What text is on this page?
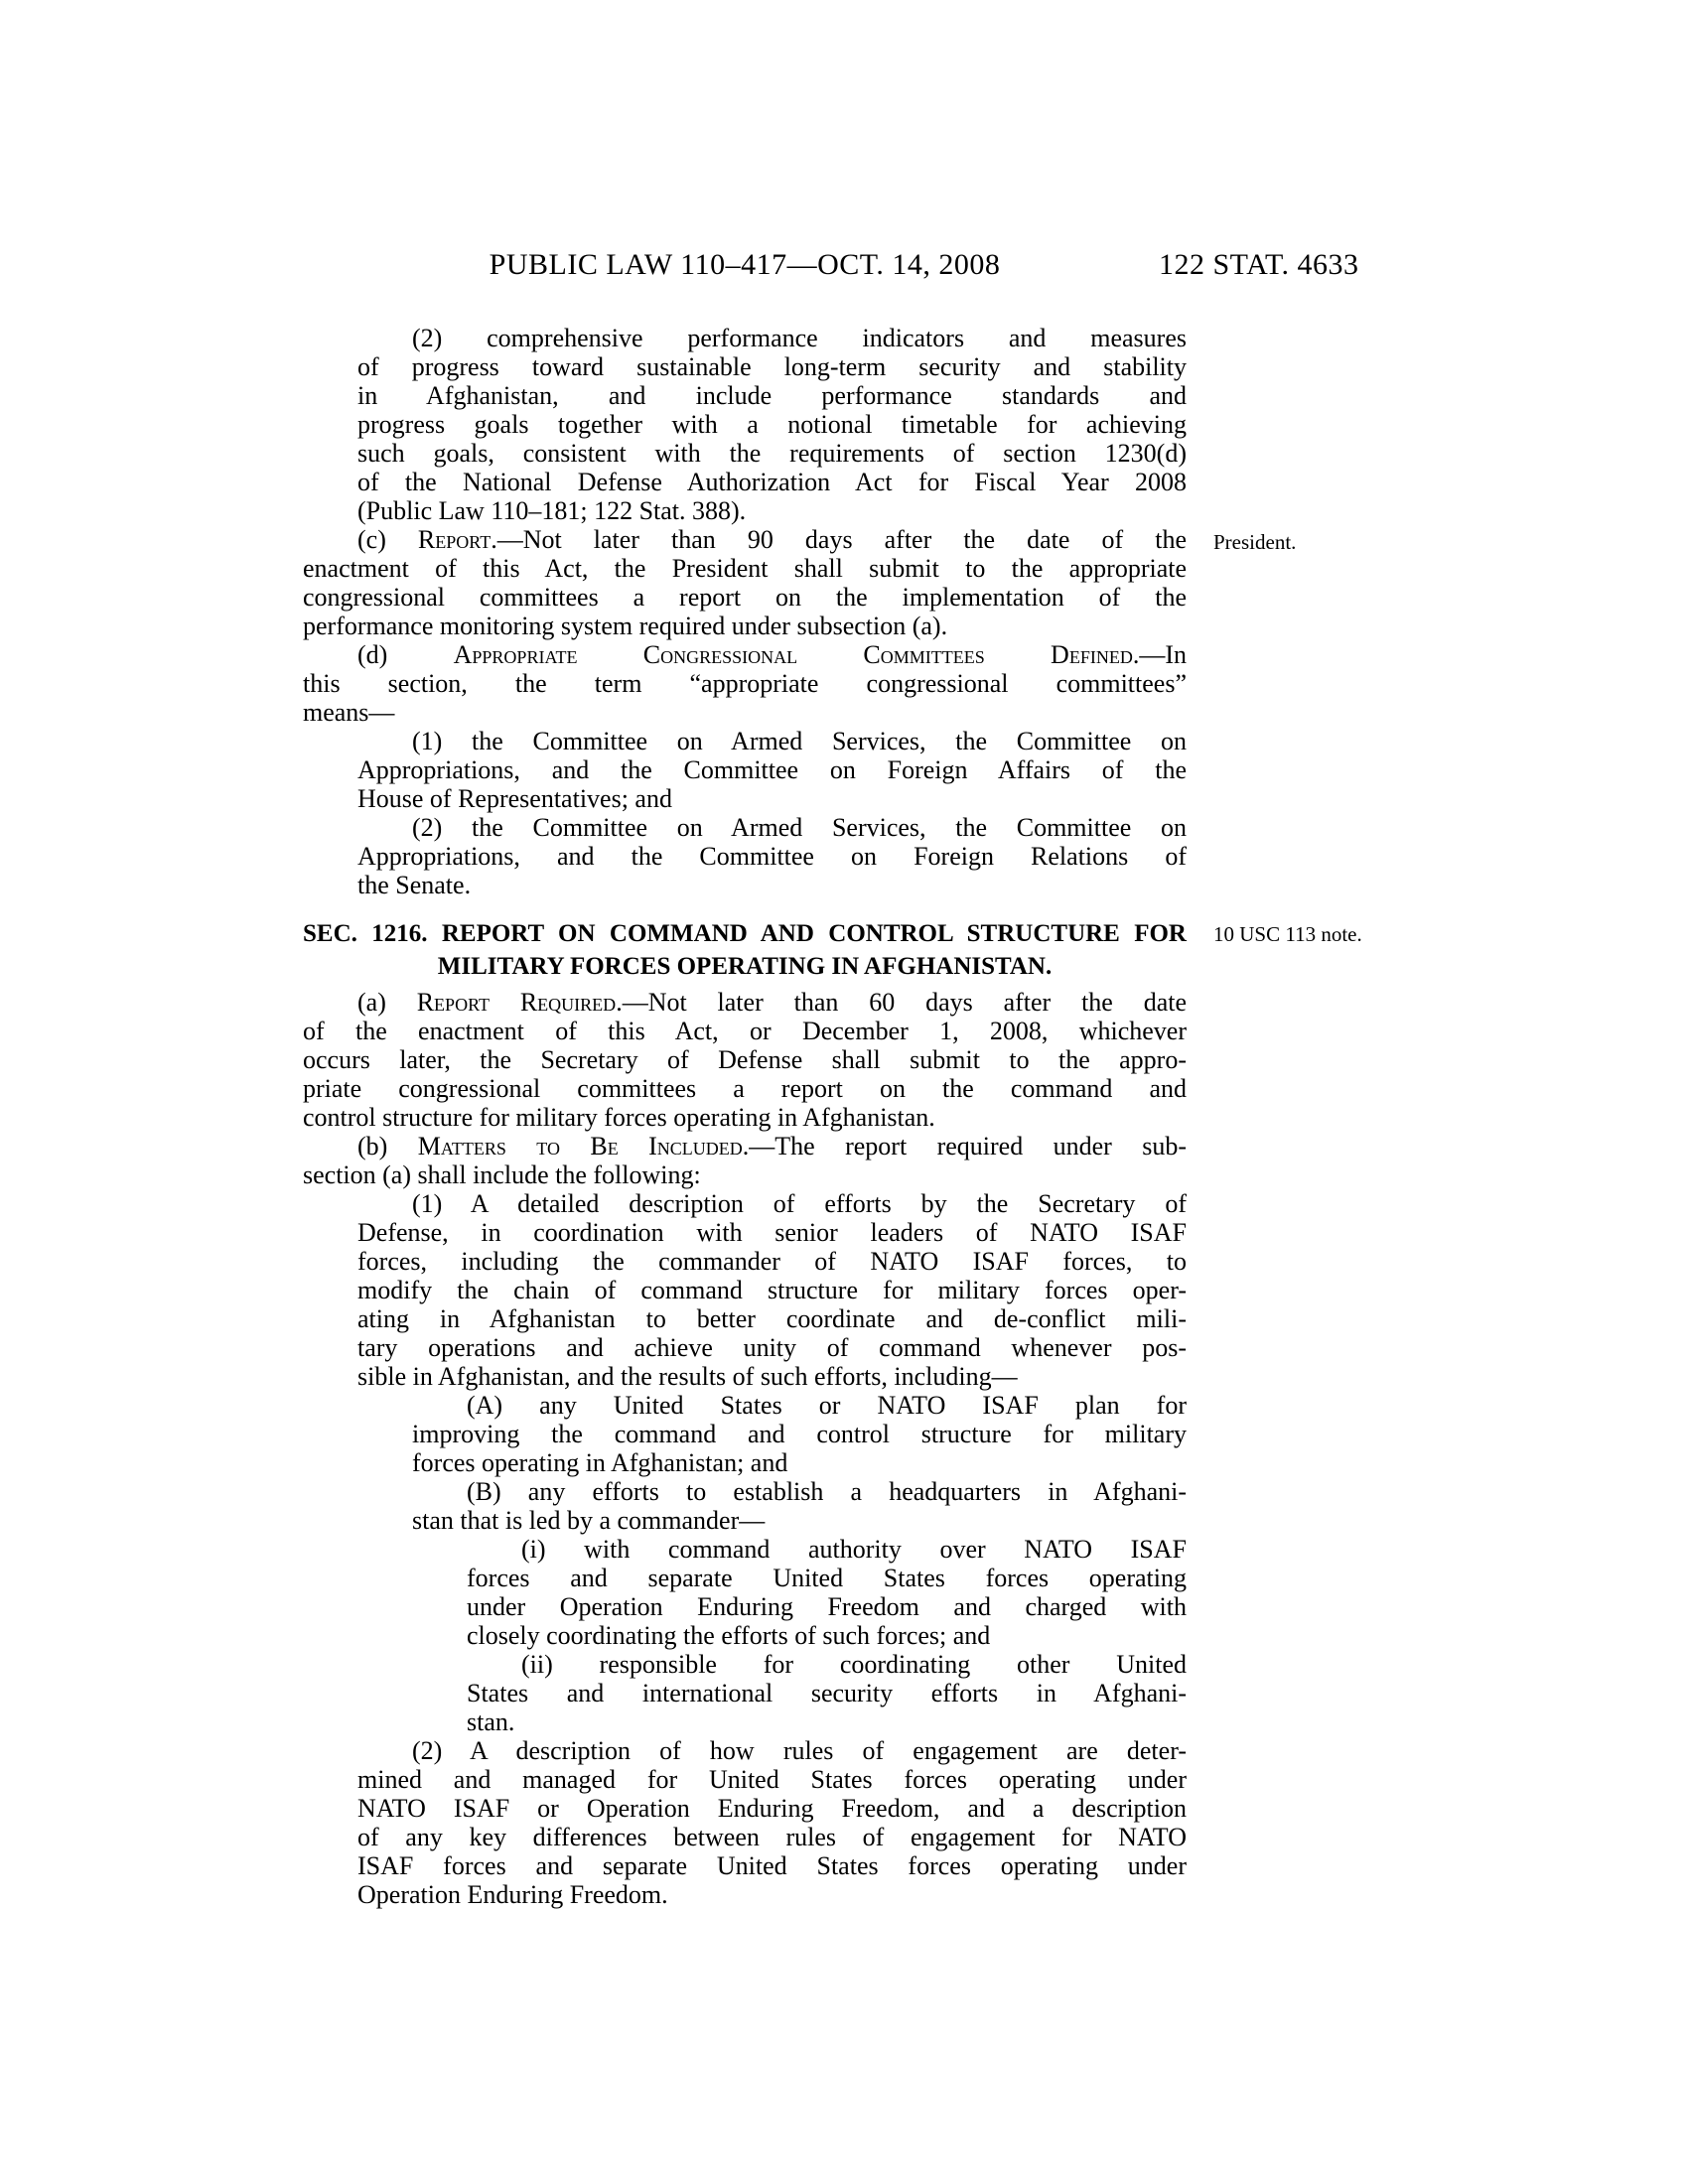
PUBLIC LAW 110–417—OCT. 14, 2008	122 STAT. 4633
(2) comprehensive performance indicators and measures
of progress toward sustainable long-term security and stability
in Afghanistan, and include performance standards and
progress goals together with a notional timetable for achieving
such goals, consistent with the requirements of section 1230(d)
of the National Defense Authorization Act for Fiscal Year 2008
(Public Law 110–181; 122 Stat. 388).
(c) Report.—Not later than 90 days after the date of the
enactment of this Act, the President shall submit to the appropriate
congressional committees a report on the implementation of the
performance monitoring system required under subsection (a).
President.
(d) Appropriate Congressional Committees Defined.—In
this section, the term “appropriate congressional committees”
means—
(1) the Committee on Armed Services, the Committee on
Appropriations, and the Committee on Foreign Affairs of the
House of Representatives; and
(2) the Committee on Armed Services, the Committee on
Appropriations, and the Committee on Foreign Relations of
the Senate.
SEC. 1216. REPORT ON COMMAND AND CONTROL STRUCTURE FOR
MILITARY FORCES OPERATING IN AFGHANISTAN.
10 USC 113 note.
(a) Report Required.—Not later than 60 days after the date
of the enactment of this Act, or December 1, 2008, whichever
occurs later, the Secretary of Defense shall submit to the appro-
priate congressional committees a report on the command and
control structure for military forces operating in Afghanistan.
(b) Matters to Be Included.—The report required under sub-
section (a) shall include the following:
(1) A detailed description of efforts by the Secretary of
Defense, in coordination with senior leaders of NATO ISAF
forces, including the commander of NATO ISAF forces, to
modify the chain of command structure for military forces oper-
ating in Afghanistan to better coordinate and de-conflict mili-
tary operations and achieve unity of command whenever pos-
sible in Afghanistan, and the results of such efforts, including—
(A) any United States or NATO ISAF plan for
improving the command and control structure for military
forces operating in Afghanistan; and
(B) any efforts to establish a headquarters in Afghani-
stan that is led by a commander—
(i) with command authority over NATO ISAF
forces and separate United States forces operating
under Operation Enduring Freedom and charged with
closely coordinating the efforts of such forces; and
(ii) responsible for coordinating other United
States and international security efforts in Afghani-
stan.
(2) A description of how rules of engagement are deter-
mined and managed for United States forces operating under
NATO ISAF or Operation Enduring Freedom, and a description
of any key differences between rules of engagement for NATO
ISAF forces and separate United States forces operating under
Operation Enduring Freedom.
